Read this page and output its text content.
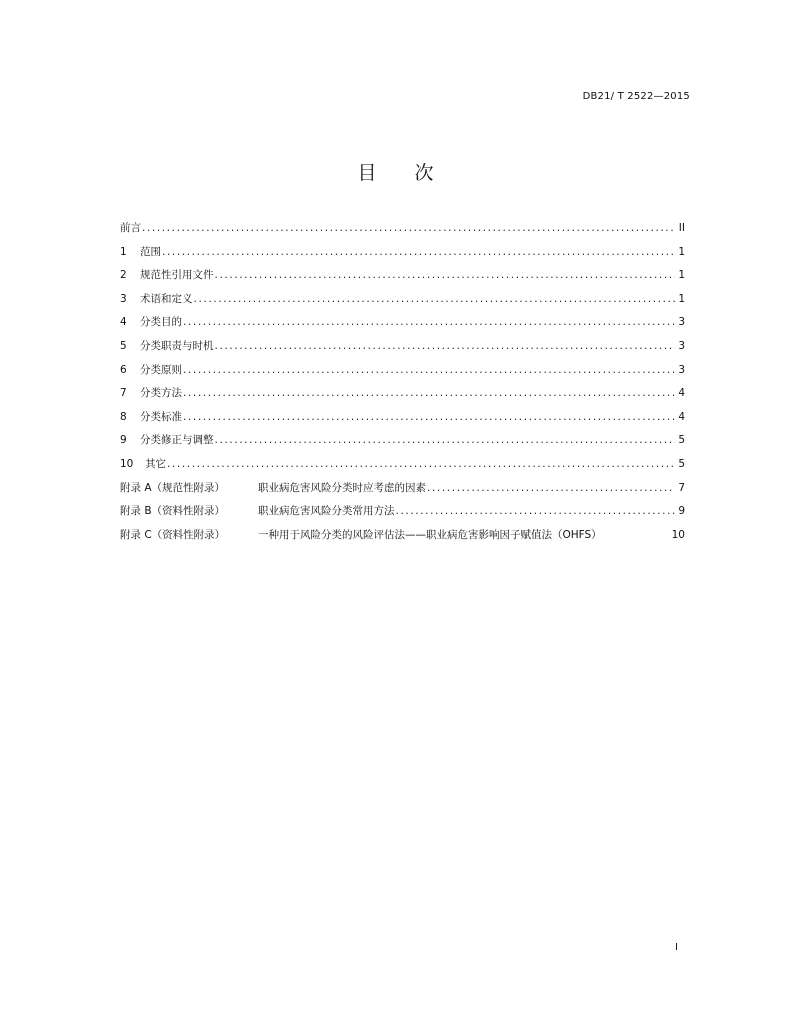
DB21/ T 2522—2015
目 次
前言 .....	II
1 范围 .....	1
2 规范性引用文件 .....	1
3 术语和定义 .....	1
4 分类目的 .....	3
5 分类职责与时机 .....	3
6 分类原则 .....	3
7 分类方法 .....	4
8 分类标准 .....	4
9 分类修正与调整 .....	5
10 其它 .....	5
附录 A（规范性附录）	职业病危害风险分类时应考虑的因素 .....	7
附录 B（资料性附录）	职业病危害风险分类常用方法 .....	9
附录 C（资料性附录）	一种用于风险分类的风险评估法——职业病危害影响因子赋值法（OHFS）	10
I
